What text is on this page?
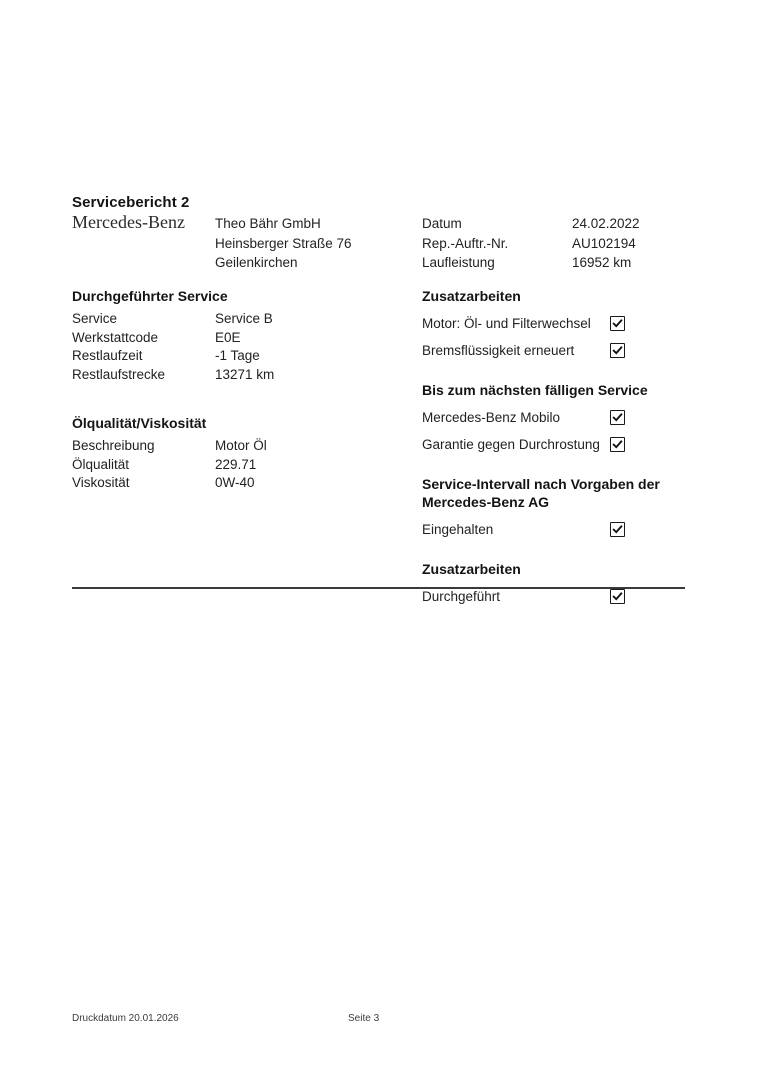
Servicebericht 2
Mercedes-Benz Theo Bähr GmbH
Heinsberger Straße 76
Geilenkirchen
Datum	24.02.2022
Rep.-Auftr.-Nr.	AU102194
Laufleistung	16952 km
Durchgeführter Service
Service	Service B
Werkstattcode	E0E
Restlaufzeit	-1 Tage
Restlaufstrecke	13271 km
Ölqualität/Viskosität
Beschreibung	Motor Öl
Ölqualität	229.71
Viskosität	0W-40
Zusatzarbeiten
Motor: Öl- und Filterwechsel
Bremsflüssigkeit erneuert
Bis zum nächsten fälligen Service
Mercedes-Benz Mobilo
Garantie gegen Durchrostung
Service-Intervall nach Vorgaben der Mercedes-Benz AG
Eingehalten
Zusatzarbeiten
Durchgeführt
Druckdatum 20.01.2026	Seite 3
